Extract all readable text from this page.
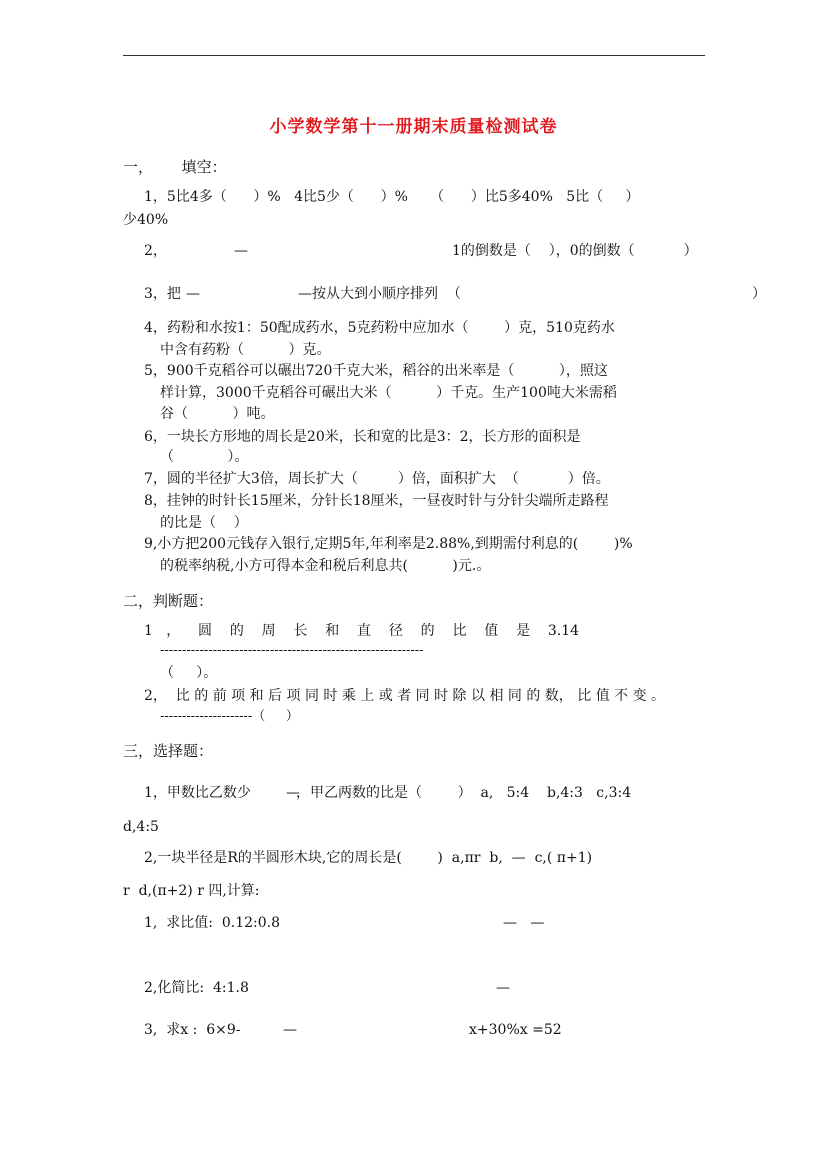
小学数学第十一册期末质量检测试卷
一，      填空：
1，5比4多（      ）%   4比5少（      ）%     （      ）比5多40%   5比（     ）
少40%
2，	—	1的倒数是（    ），0的倒数（           ）
3，把 —	— 按从大到小顺序排列  （	）
4，药粉和水按1：50配成药水，5克药粉中应加水（        ）克，510克药水
中含有药粉（          ）克。
5，900千克稻谷可以碾出720千克大米，稻谷的出米率是（          ），照这
样计算，3000千克稻谷可碾出大米（          ）千克。生产100吨大米需稻
谷（          ）吨。
6，一块长方形地的周长是20米，长和宽的比是3：2，长方形的面积是
（            ）。
7，圆的半径扩大3倍，周长扩大（         ）倍，面积扩大  （           ）倍。
8，挂钟的时针长15厘米，分针长18厘米，一昼夜时针与分针尖端所走路程
的比是（    ）
9,小方把200元钱存入银行,定期5年,年利率是2.88%,到期需付利息的(        )%
的税率纳税,小方可得本金和税后利息共(          )元.。
二，判断题：
1   ，    圆    的    周    长    和    直    径    的    比    值    是    3.14
------------------------------------------------------------
（     ）。
2，  比 的 前 项 和 后 项 同 时 乘 上 或 者 同 时 除 以 相 同 的 数， 比 值 不 变 。
---------------------（     ）
三，选择题：
1，甲数比乙数少	—
，甲乙两数的比是（        ）  a,   5:4    b,4:3   c,3:4
d,4:5
2,一块半径是R的半圆形木块,它的周长是(        )  a,πr  b,  —  c,( π+1)
r  d,(π+2) r 四,计算:
1,  求比值:  0.12:0.8	—   —
2,化简比:  4:1.8	—
3,  求x :  6×9-	—	x+30%x =52
